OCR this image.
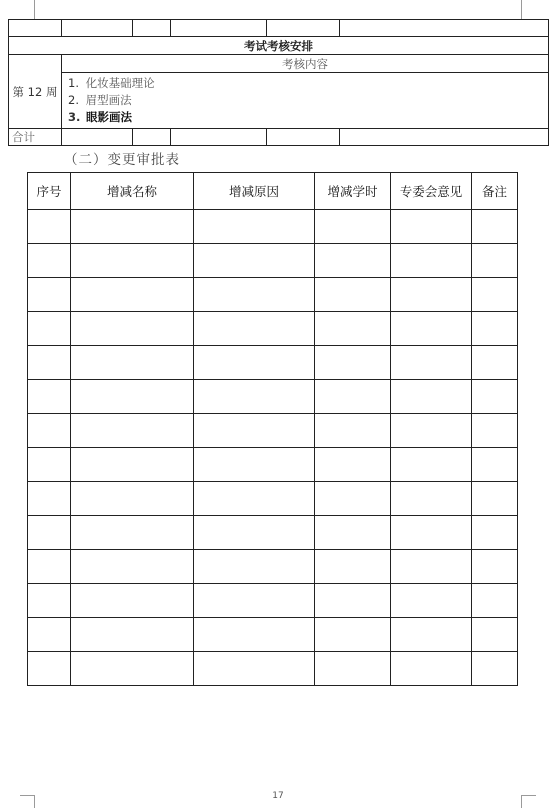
考试考核安排					
第 12 周	考核内容				

	1. 化妆基础理论
2. 眉型画法
3. 眼影画法				

合计					
（二）变更审批表
序号	增减名称	增减原因	增减学时	专委会意见	备注

17
